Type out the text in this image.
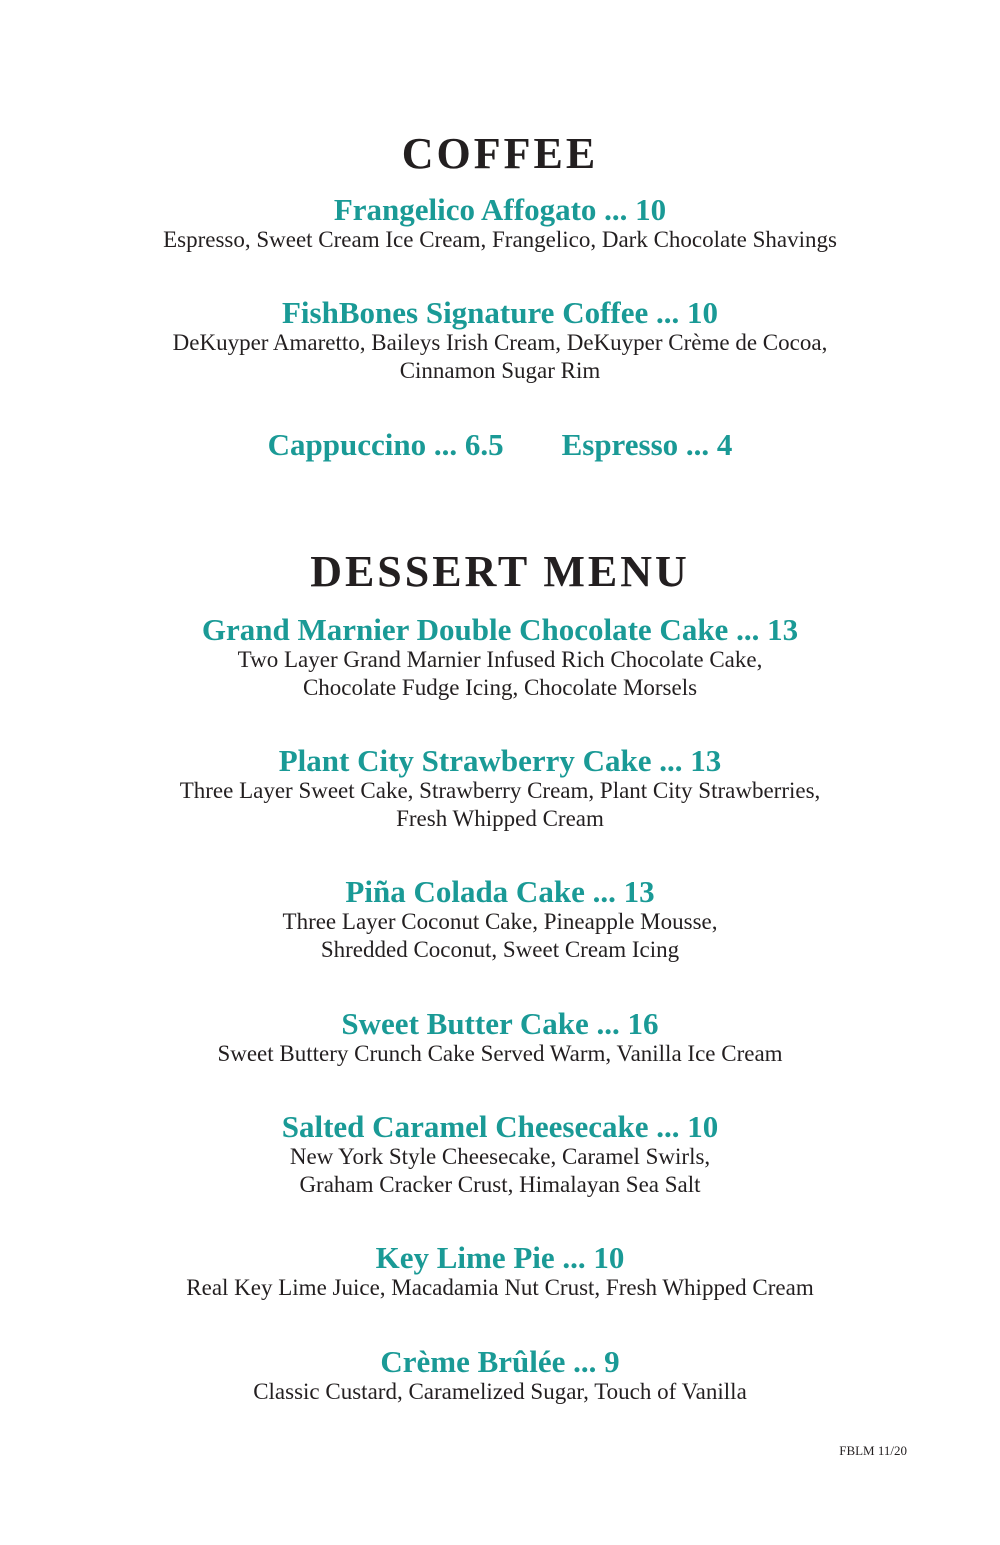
COFFEE
Frangelico Affogato ... 10
Espresso, Sweet Cream Ice Cream, Frangelico, Dark Chocolate Shavings
FishBones Signature Coffee ... 10
DeKuyper Amaretto, Baileys Irish Cream, DeKuyper Crème de Cocoa,
Cinnamon Sugar Rim
Cappuccino ... 6.5 Espresso ... 4
DESSERT MENU
Grand Marnier Double Chocolate Cake ... 13
Two Layer Grand Marnier Infused Rich Chocolate Cake,
Chocolate Fudge Icing, Chocolate Morsels
Plant City Strawberry Cake ... 13
Three Layer Sweet Cake, Strawberry Cream, Plant City Strawberries,
Fresh Whipped Cream
Piña Colada Cake ... 13
Three Layer Coconut Cake, Pineapple Mousse,
Shredded Coconut, Sweet Cream Icing
Sweet Butter Cake ... 16
Sweet Buttery Crunch Cake Served Warm, Vanilla Ice Cream
Salted Caramel Cheesecake ... 10
New York Style Cheesecake, Caramel Swirls,
Graham Cracker Crust, Himalayan Sea Salt
Key Lime Pie ... 10
Real Key Lime Juice, Macadamia Nut Crust, Fresh Whipped Cream
Crème Brûlée ... 9
Classic Custard, Caramelized Sugar, Touch of Vanilla
FBLM 11/20
